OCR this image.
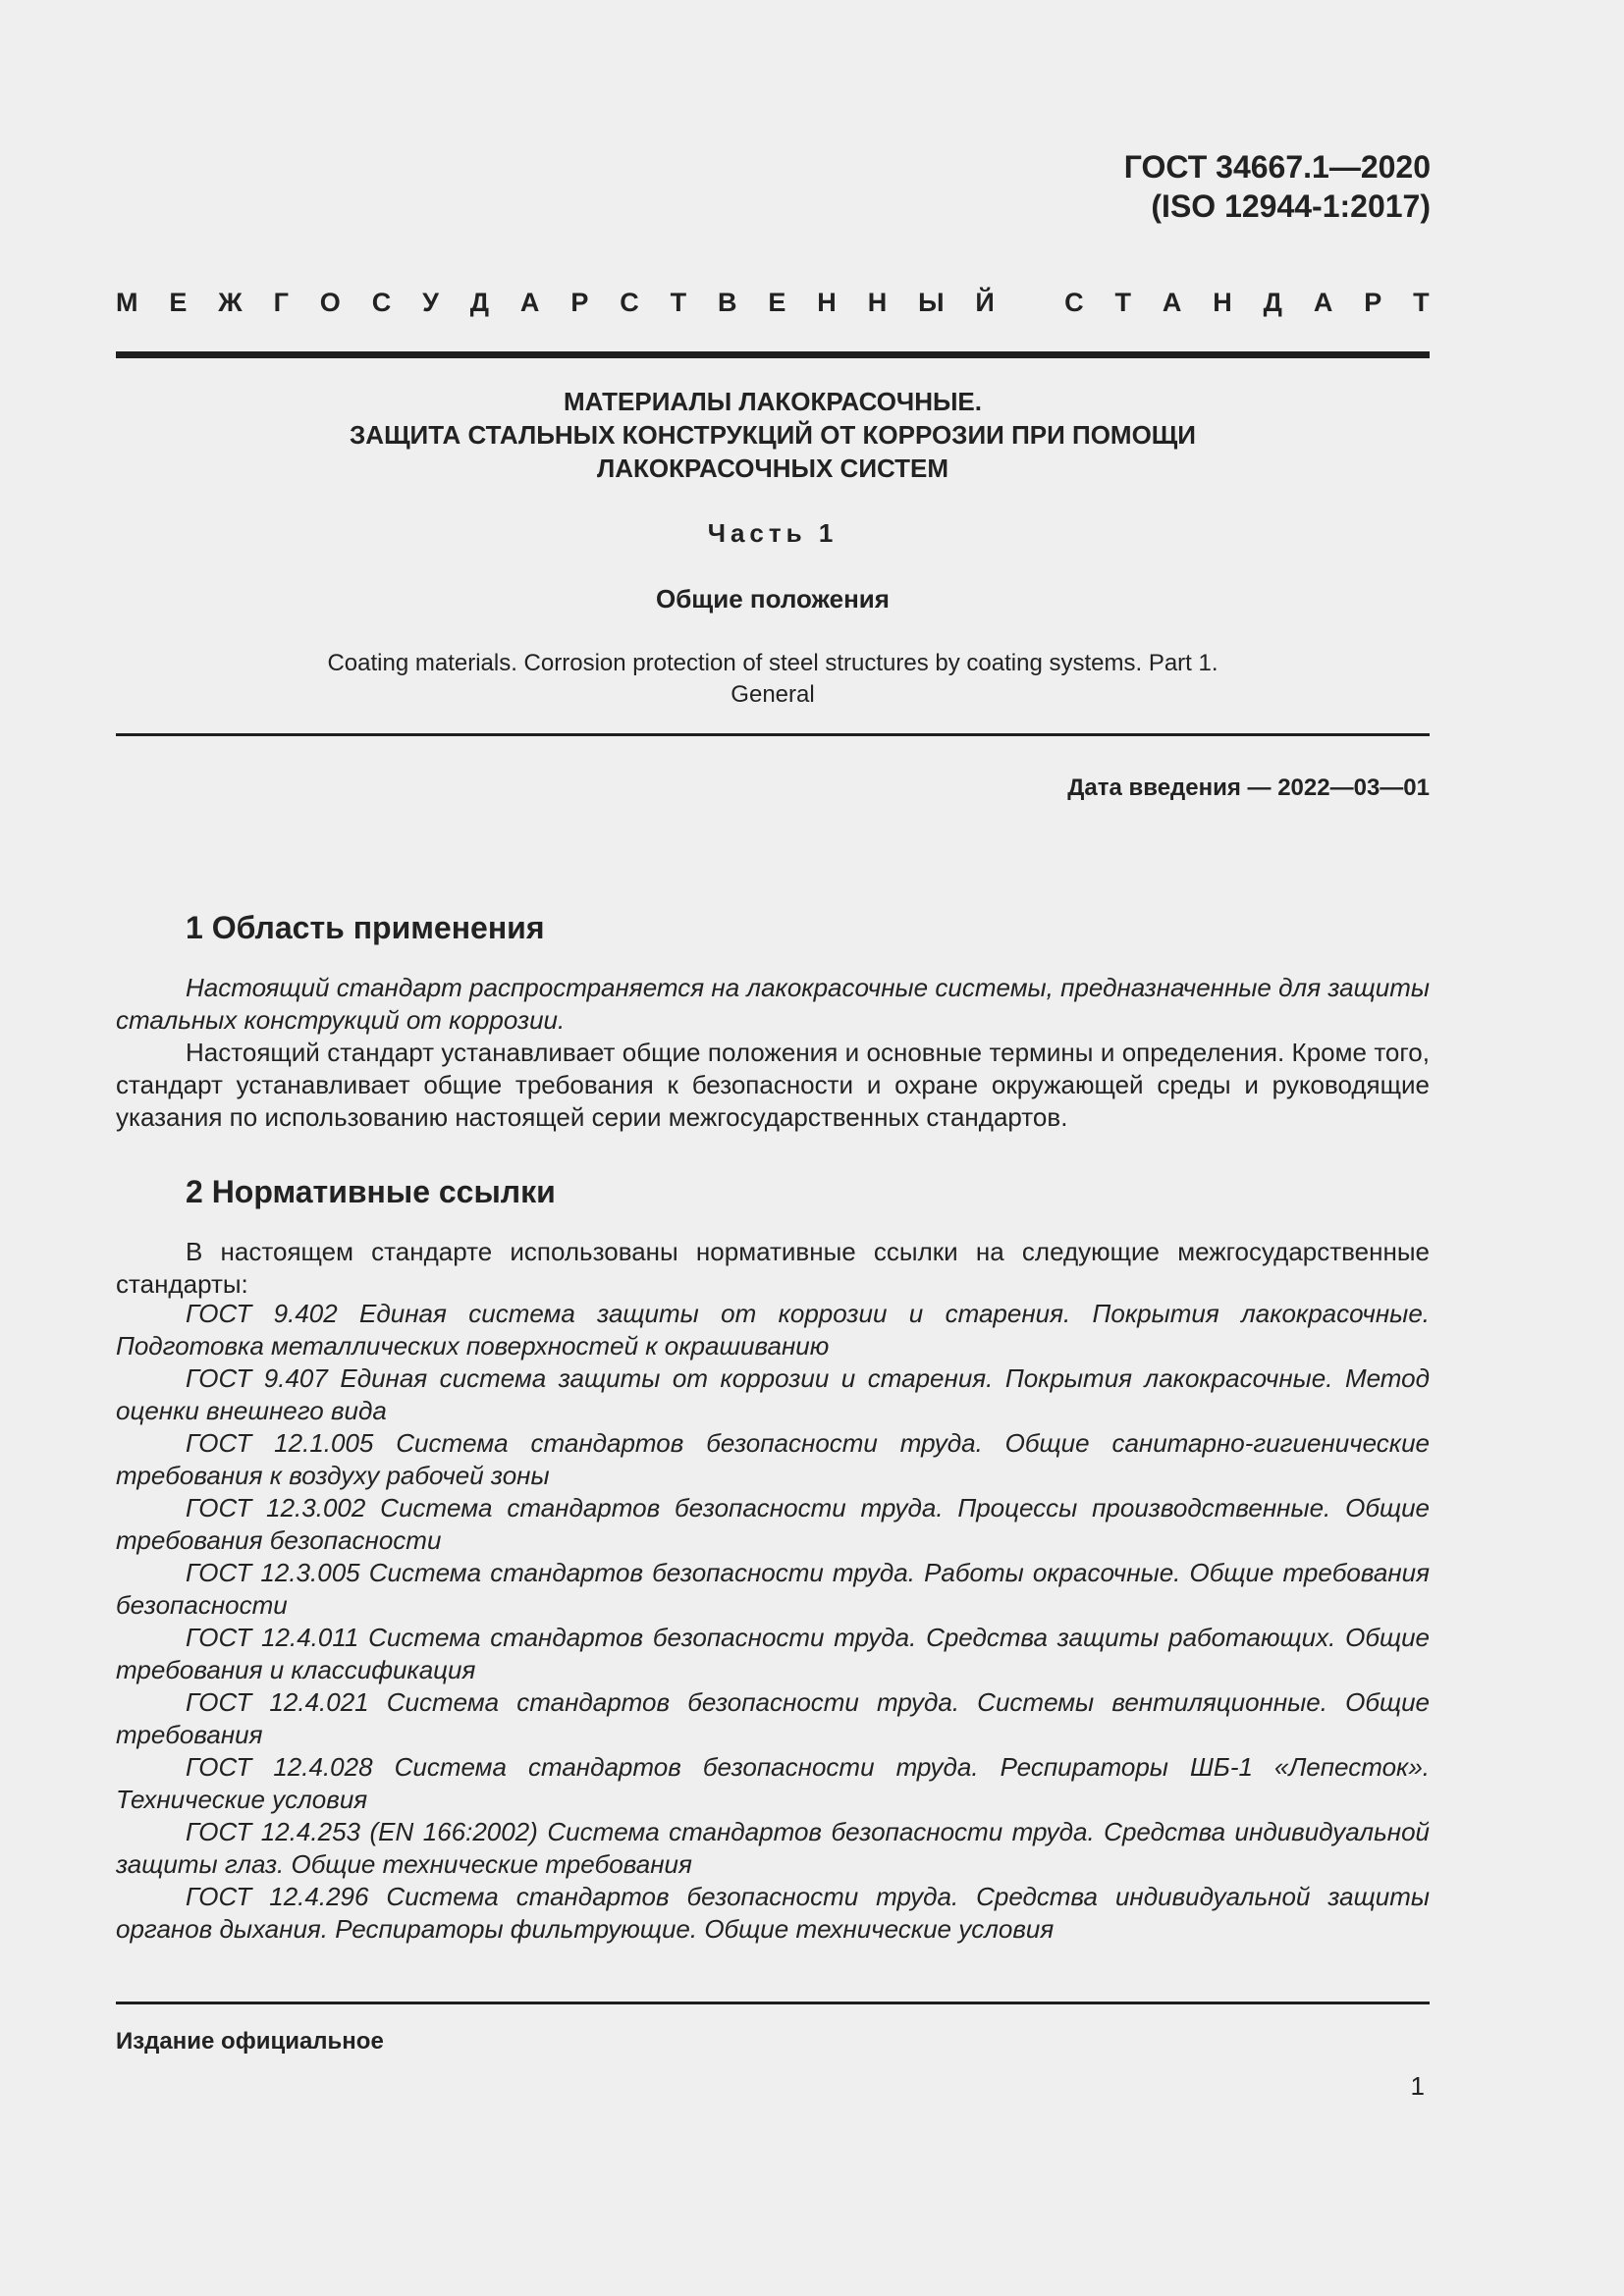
ГОСТ 34667.1—2020
(ISO 12944-1:2017)
М Е Ж Г О С У Д А Р С Т В Е Н Н Ы Й
	С Т А Н Д А Р Т
МАТЕРИАЛЫ ЛАКОКРАСОЧНЫЕ.
ЗАЩИТА СТАЛЬНЫХ КОНСТРУКЦИЙ ОТ КОРРОЗИИ ПРИ ПОМОЩИ
ЛАКОКРАСОЧНЫХ СИСТЕМ
Часть 1
Общие положения
Coating materials. Corrosion protection of steel structures by coating systems. Part 1.
General
Дата введения — 2022—03—01
1 Область применения

Настоящий стандарт распространяется на лакокрасочные системы, предназначенные для защиты стальных конструкций от коррозии.

Настоящий стандарт устанавливает общие положения и основные термины и определения. Кроме того, стандарт устанавливает общие требования к безопасности и охране окружающей среды и руководящие указания по использованию настоящей серии межгосударственных стандартов.

2 Нормативные ссылки

В настоящем стандарте использованы нормативные ссылки на следующие межгосударственные стандарты:

ГОСТ 9.402 Единая система защиты от коррозии и старения. Покрытия лакокрасочные. Подготовка металлических поверхностей к окрашиванию

ГОСТ 9.407 Единая система защиты от коррозии и старения. Покрытия лакокрасочные. Метод оценки внешнего вида

ГОСТ 12.1.005 Система стандартов безопасности труда. Общие санитарно-гигиенические требования к воздуху рабочей зоны

ГОСТ 12.3.002 Система стандартов безопасности труда. Процессы производственные. Общие требования безопасности

ГОСТ 12.3.005 Система стандартов безопасности труда. Работы окрасочные. Общие требования безопасности

ГОСТ 12.4.011 Система стандартов безопасности труда. Средства защиты работающих. Общие требования и классификация

ГОСТ 12.4.021 Система стандартов безопасности труда. Системы вентиляционные. Общие требования

ГОСТ 12.4.028 Система стандартов безопасности труда. Респираторы ШБ-1 «Лепесток». Технические условия

ГОСТ 12.4.253 (EN 166:2002) Система стандартов безопасности труда. Средства индивидуальной защиты глаз. Общие технические требования

ГОСТ 12.4.296 Система стандартов безопасности труда. Средства индивидуальной защиты органов дыхания. Респираторы фильтрующие. Общие технические условия

Издание официальное
1
